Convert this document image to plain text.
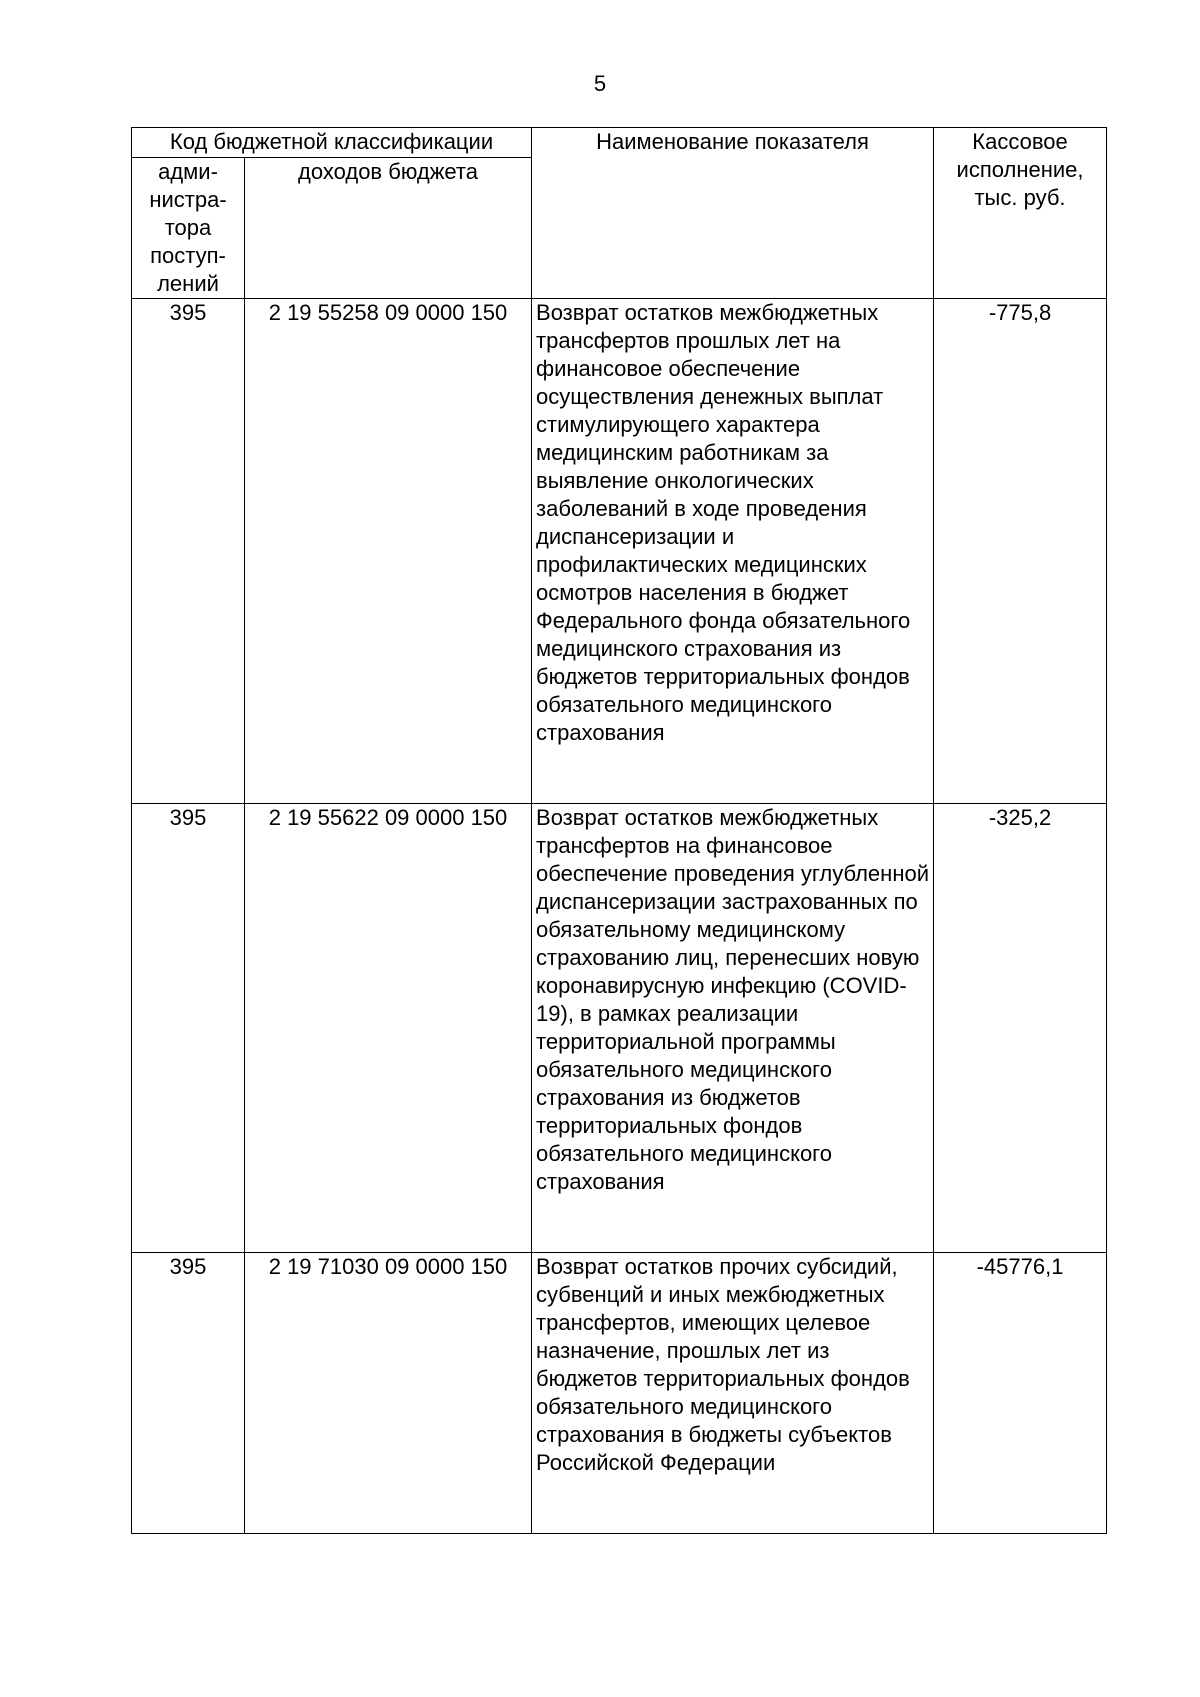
5
Код бюджетной классификации		Наименование показателя	Кассовое
исполнение,
тыс. руб.
адми-
нистра-
тора
поступ-
лений	доходов бюджета		
395	2 19 55258 09 0000 150	Возврат остатков межбюджетных трансфертов прошлых лет на финансовое обеспечение осуществления денежных выплат стимулирующего характера медицинским работникам за выявление онкологических заболеваний в ходе проведения диспансеризации и профилактических медицинских осмотров населения в бюджет Федерального фонда обязательного медицинского страхования из бюджетов территориальных фондов обязательного медицинского страхования	-775,8
395	2 19 55622 09 0000 150	Возврат остатков межбюджетных трансфертов на финансовое обеспечение проведения углубленной диспансеризации застрахованных по обязательному медицинскому страхованию лиц, перенесших новую коронавирусную инфекцию (COVID-19), в рамках реализации территориальной программы обязательного медицинского страхования из бюджетов территориальных фондов обязательного медицинского страхования	-325,2
395	2 19 71030 09 0000 150	Возврат остатков прочих субсидий, субвенций и иных межбюджетных трансфертов, имеющих целевое назначение, прошлых лет из бюджетов территориальных фондов обязательного медицинского страхования в бюджеты субъектов Российской Федерации	-45776,1
